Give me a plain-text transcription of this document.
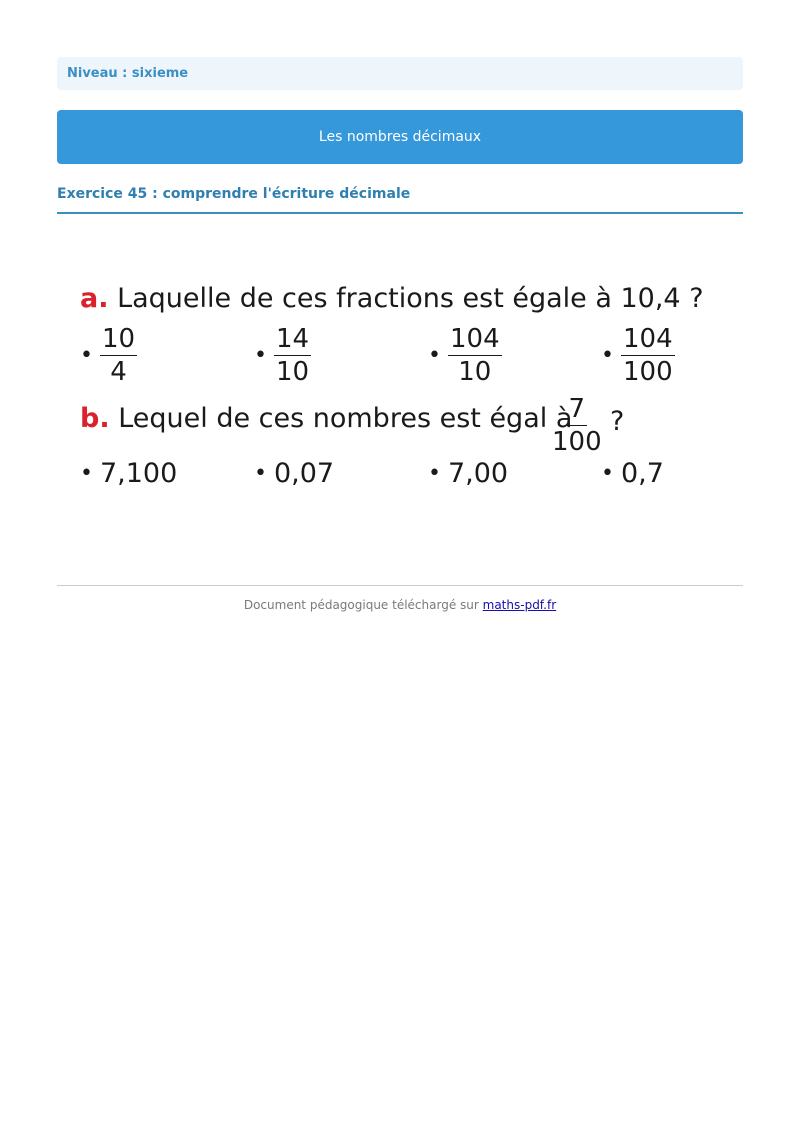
Niveau : sixieme
Les nombres décimaux
Exercice 45 : comprendre l'écriture décimale
a. Laquelle de ces fractions est égale à 10,4 ?
• $\frac{10}{4}$	• $\frac{14}{10}$	• $\frac{104}{10}$	• $\frac{104}{100}$
b. Lequel de ces nombres est égal à
$\frac{7}{100}$ ?
• 7,100	• 0,07	• 7,00	• 0,7
Document pédagogique téléchargé sur maths-pdf.fr
